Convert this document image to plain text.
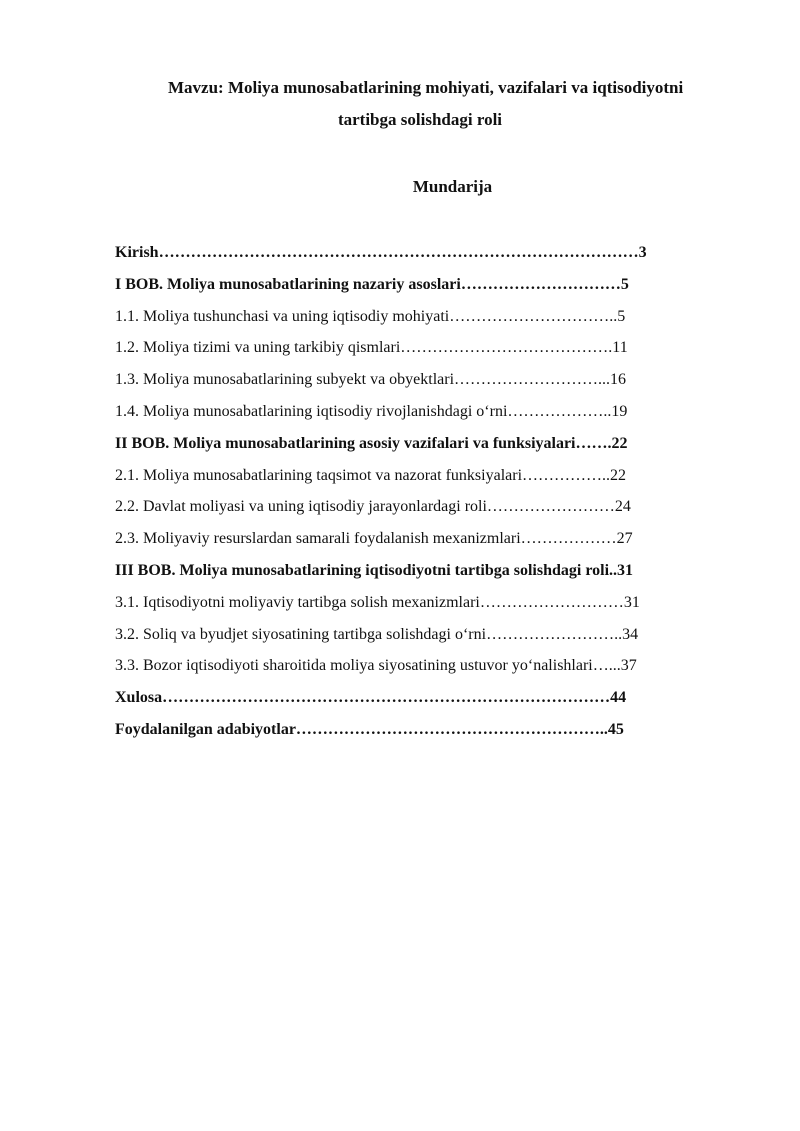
Mavzu: Moliya munosabatlarining mohiyati, vazifalari va iqtisodiyotni
tartibga solishdagi roli
Mundarija
Kirish………………………………………………………………………………3
I BOB. Moliya munosabatlarining nazariy asoslari…………………………5
1.1. Moliya tushunchasi va uning iqtisodiy mohiyati…………………………..5
1.2. Moliya tizimi va uning tarkibiy qismlari………………………………….11
1.3. Moliya munosabatlarining subyekt va obyektlari………………………...16
1.4. Moliya munosabatlarining iqtisodiy rivojlanishdagi o‘rni………………..19
II BOB. Moliya munosabatlarining asosiy vazifalari va funksiyalari…….22
2.1. Moliya munosabatlarining taqsimot va nazorat funksiyalari……………..22
2.2. Davlat moliyasi va uning iqtisodiy jarayonlardagi roli……………………24
2.3. Moliyaviy resurslardan samarali foydalanish mexanizmlari………………27
III BOB. Moliya munosabatlarining iqtisodiyotni tartibga solishdagi roli..31
3.1. Iqtisodiyotni moliyaviy tartibga solish mexanizmlari………………………31
3.2. Soliq va byudjet siyosatining tartibga solishdagi o‘rni……………………..34
3.3. Bozor iqtisodiyoti sharoitida moliya siyosatining ustuvor yo‘nalishlari…...37
Xulosa…………………………………………………………………………44
Foydalanilgan adabiyotlar…………………………………………………..45
